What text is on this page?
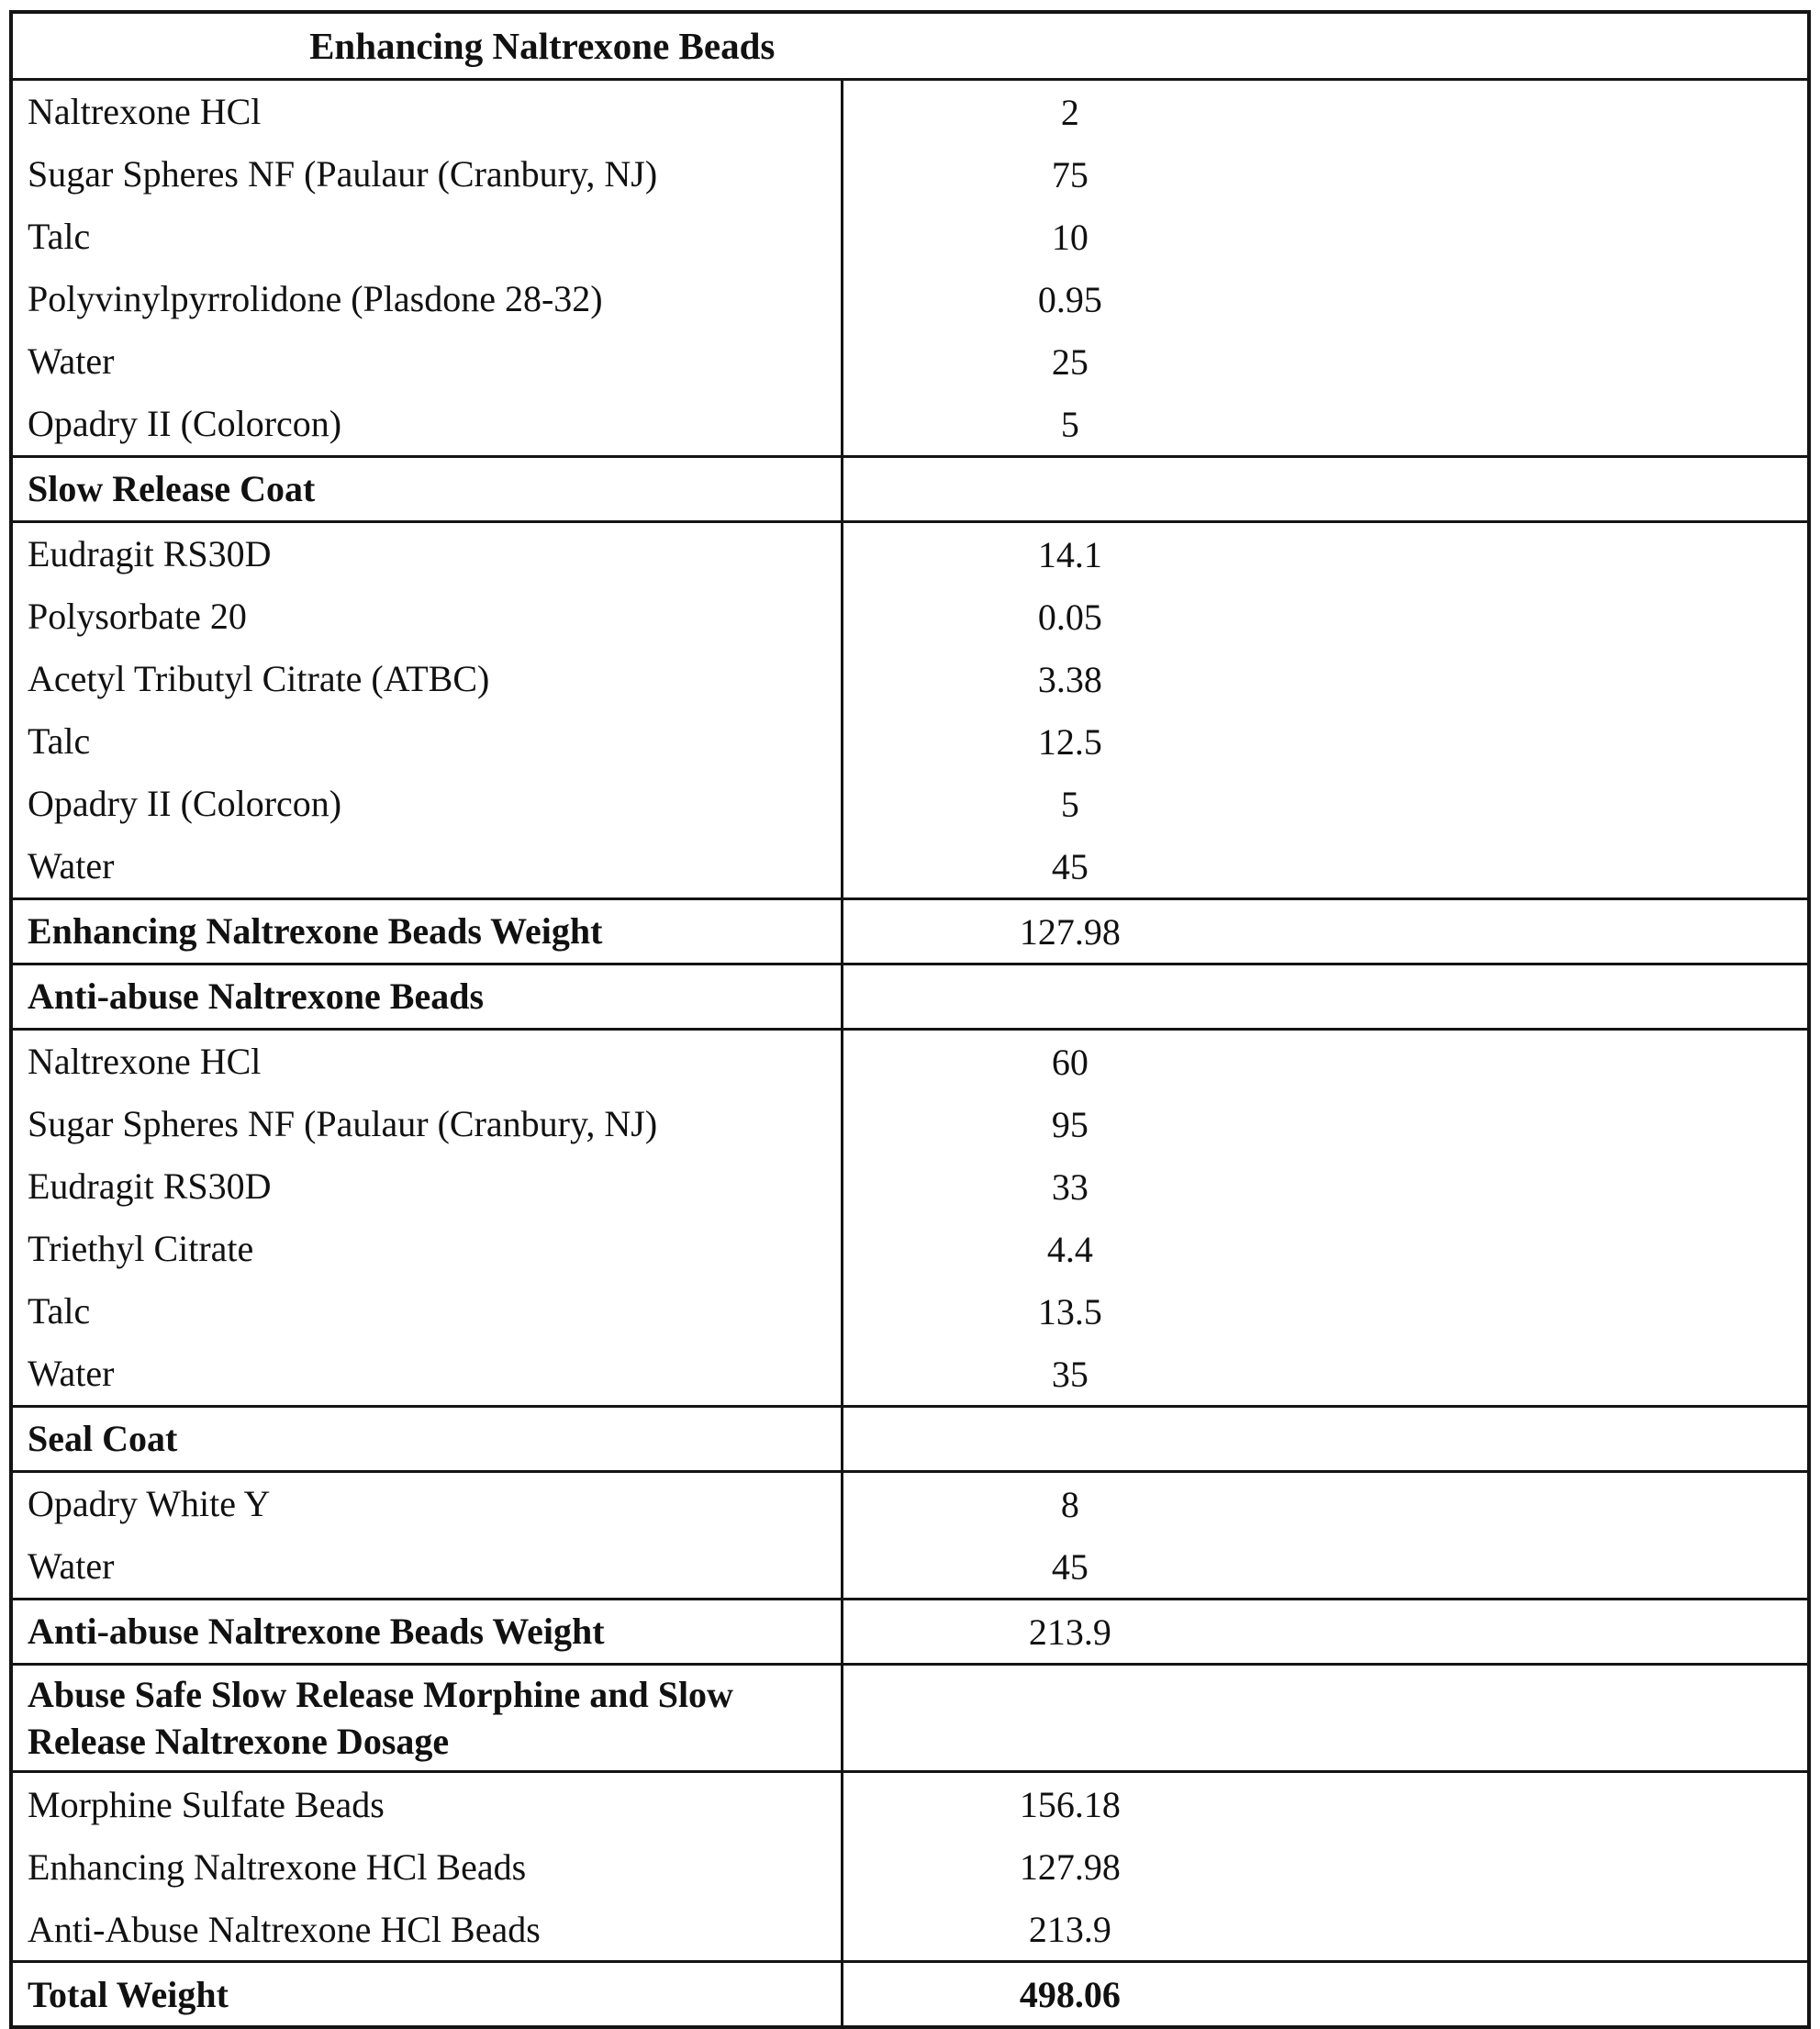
Enhancing Naltrexone Beads
Naltrexone HCl	2
Sugar Spheres NF (Paulaur (Cranbury, NJ)	75
Talc	10
Polyvinylpyrrolidone (Plasdone 28-32)	0.95
Water	25
Opadry II (Colorcon)	5
Slow Release Coat
Eudragit RS30D	14.1
Polysorbate 20	0.05
Acetyl Tributyl Citrate (ATBC)	3.38
Talc	12.5
Opadry II (Colorcon)	5
Water	45
Enhancing Naltrexone Beads Weight	127.98
Anti-abuse Naltrexone Beads
Naltrexone HCl	60
Sugar Spheres NF (Paulaur (Cranbury, NJ)	95
Eudragit RS30D	33
Triethyl Citrate	4.4
Talc	13.5
Water	35
Seal Coat
Opadry White Y	8
Water	45
Anti-abuse Naltrexone Beads Weight	213.9
Abuse Safe Slow Release Morphine and Slow Release Naltrexone Dosage
Morphine Sulfate Beads	156.18
Enhancing Naltrexone HCl Beads	127.98
Anti-Abuse Naltrexone HCl Beads	213.9
Total Weight	498.06
